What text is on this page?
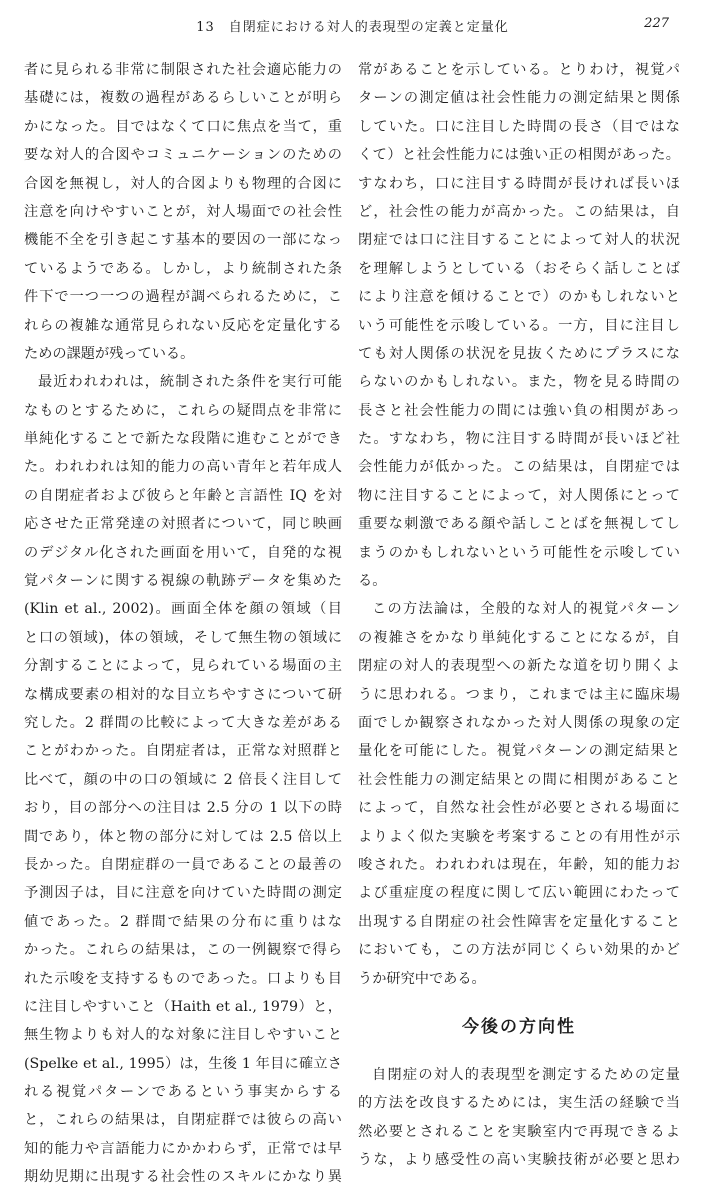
13　自閉症における対人的表現型の定義と定量化	227
者に見られる非常に制限された社会適応能力の
基礎には，複数の過程があるらしいことが明ら
かになった。目ではなくて口に焦点を当て，重
要な対人的合図やコミュニケーションのための
合図を無視し，対人的合図よりも物理的合図に
注意を向けやすいことが，対人場面での社会性
機能不全を引き起こす基本的要因の一部になっ
ているようである。しかし，より統制された条
件下で一つ一つの過程が調べられるために，こ
れらの複雑な通常見られない反応を定量化する
ための課題が残っている。
最近われわれは，統制された条件を実行可能
なものとするために，これらの疑問点を非常に
単純化することで新たな段階に進むことができ
た。われわれは知的能力の高い青年と若年成人
の自閉症者および彼らと年齢と言語性 IQ を対
応させた正常発達の対照者について，同じ映画
のデジタル化された画面を用いて，自発的な視
覚パターンに関する視線の軌跡データを集めた
(Klin et al., 2002)。画面全体を顔の領域（目
と口の領域)，体の領域，そして無生物の領域に
分割することによって，見られている場面の主
な構成要素の相対的な目立ちやすさについて研
究した。2 群間の比較によって大きな差がある
ことがわかった。自閉症者は，正常な対照群と
比べて，顔の中の口の領域に 2 倍長く注目して
おり，目の部分への注目は 2.5 分の 1 以下の時
間であり，体と物の部分に対しては 2.5 倍以上
長かった。自閉症群の一員であることの最善の
予測因子は，目に注意を向けていた時間の測定
値であった。2 群間で結果の分布に重りはな
かった。これらの結果は，この一例観察で得ら
れた示唆を支持するものであった。口よりも目
に注目しやすいこと（Haith et al., 1979）と，
無生物よりも対人的な対象に注目しやすいこと
(Spelke et al., 1995）は，生後 1 年目に確立さ
れる視覚パターンであるという事実からする
と，これらの結果は，自閉症群では彼らの高い
知的能力や言語能力にかかわらず，正常では早
期幼児期に出現する社会性のスキルにかなり異
常があることを示している。とりわけ，視覚パ
ターンの測定値は社会性能力の測定結果と関係
していた。口に注目した時間の長さ（目ではな
くて）と社会性能力には強い正の相関があった。
すなわち，口に注目する時間が長ければ長いほ
ど，社会性の能力が高かった。この結果は，自
閉症では口に注目することによって対人的状況
を理解しようとしている（おそらく話しことば
により注意を傾けることで）のかもしれないと
いう可能性を示唆している。一方，目に注目し
ても対人関係の状況を見抜くためにプラスにな
らないのかもしれない。また，物を見る時間の
長さと社会性能力の間には強い負の相関があっ
た。すなわち，物に注目する時間が長いほど社
会性能力が低かった。この結果は，自閉症では
物に注目することによって，対人関係にとって
重要な刺激である顔や話しことばを無視してし
まうのかもしれないという可能性を示唆してい
る。
この方法論は，全般的な対人的視覚パターン
の複雑さをかなり単純化することになるが，自
閉症の対人的表現型への新たな道を切り開くよ
うに思われる。つまり，これまでは主に臨床場
面でしか観察されなかった対人関係の現象の定
量化を可能にした。視覚パターンの測定結果と
社会性能力の測定結果との間に相関があること
によって，自然な社会性が必要とされる場面に
よりよく似た実験を考案することの有用性が示
唆された。われわれは現在，年齢，知的能力お
よび重症度の程度に関して広い範囲にわたって
出現する自閉症の社会性障害を定量化すること
においても，この方法が同じくらい効果的かど
うか研究中である。
今後の方向性
自閉症の対人的表現型を測定するための定量
的方法を改良するためには，実生活の経験で当
然必要とされることを実験室内で再現できるよ
うな，より感受性の高い実験技術が必要と思わ
